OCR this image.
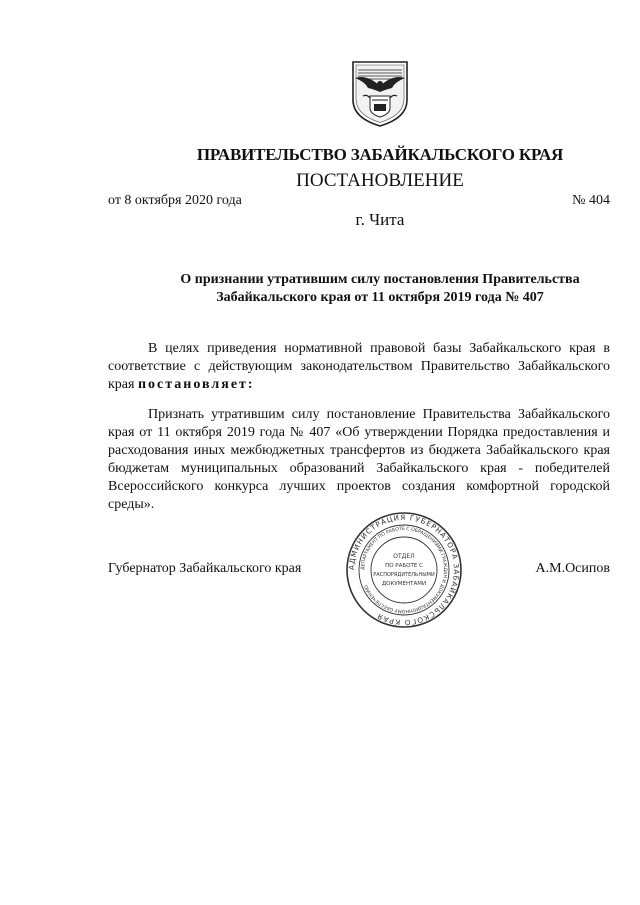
ПРАВИТЕЛЬСТВО ЗАБАЙКАЛЬСКОГО КРАЯ
ПОСТАНОВЛЕНИЕ
от 8 октября 2020 года	№ 404
г. Чита
О признании утратившим силу постановления Правительства
Забайкальского края от 11 октября 2019 года № 407
В целях приведения нормативной правовой базы Забайкальского края в соответствие с действующим законодательством Правительство Забайкальского края постановляет:
Признать утратившим силу постановление Правительства Забайкальского края от 11 октября 2019 года № 407 «Об утверждении Порядка предоставления и расходования иных межбюджетных трансфертов из бюджета Забайкальского края бюджетам муниципальных образований Забайкальского края - победителей Всероссийского конкурса лучших проектов создания комфортной городской среды».
Губернатор Забайкальского края	А.М.Осипов
АДМИНИСТРАЦИЯ ГУБЕРНАТОРА ЗАБАЙКАЛЬСКОГО КРАЯ
ДЕПАРТАМЕНТ ПО РАБОТЕ С ОБРАЩЕНИЯМИ ГРАЖДАН И ДОКУМЕНТАЦИОННОМУ ОБЕСПЕЧЕНИЮ
ОТДЕЛ
ПО РАБОТЕ С
РАСПОРЯДИТЕЛЬНЫМИ
ДОКУМЕНТАМИ
